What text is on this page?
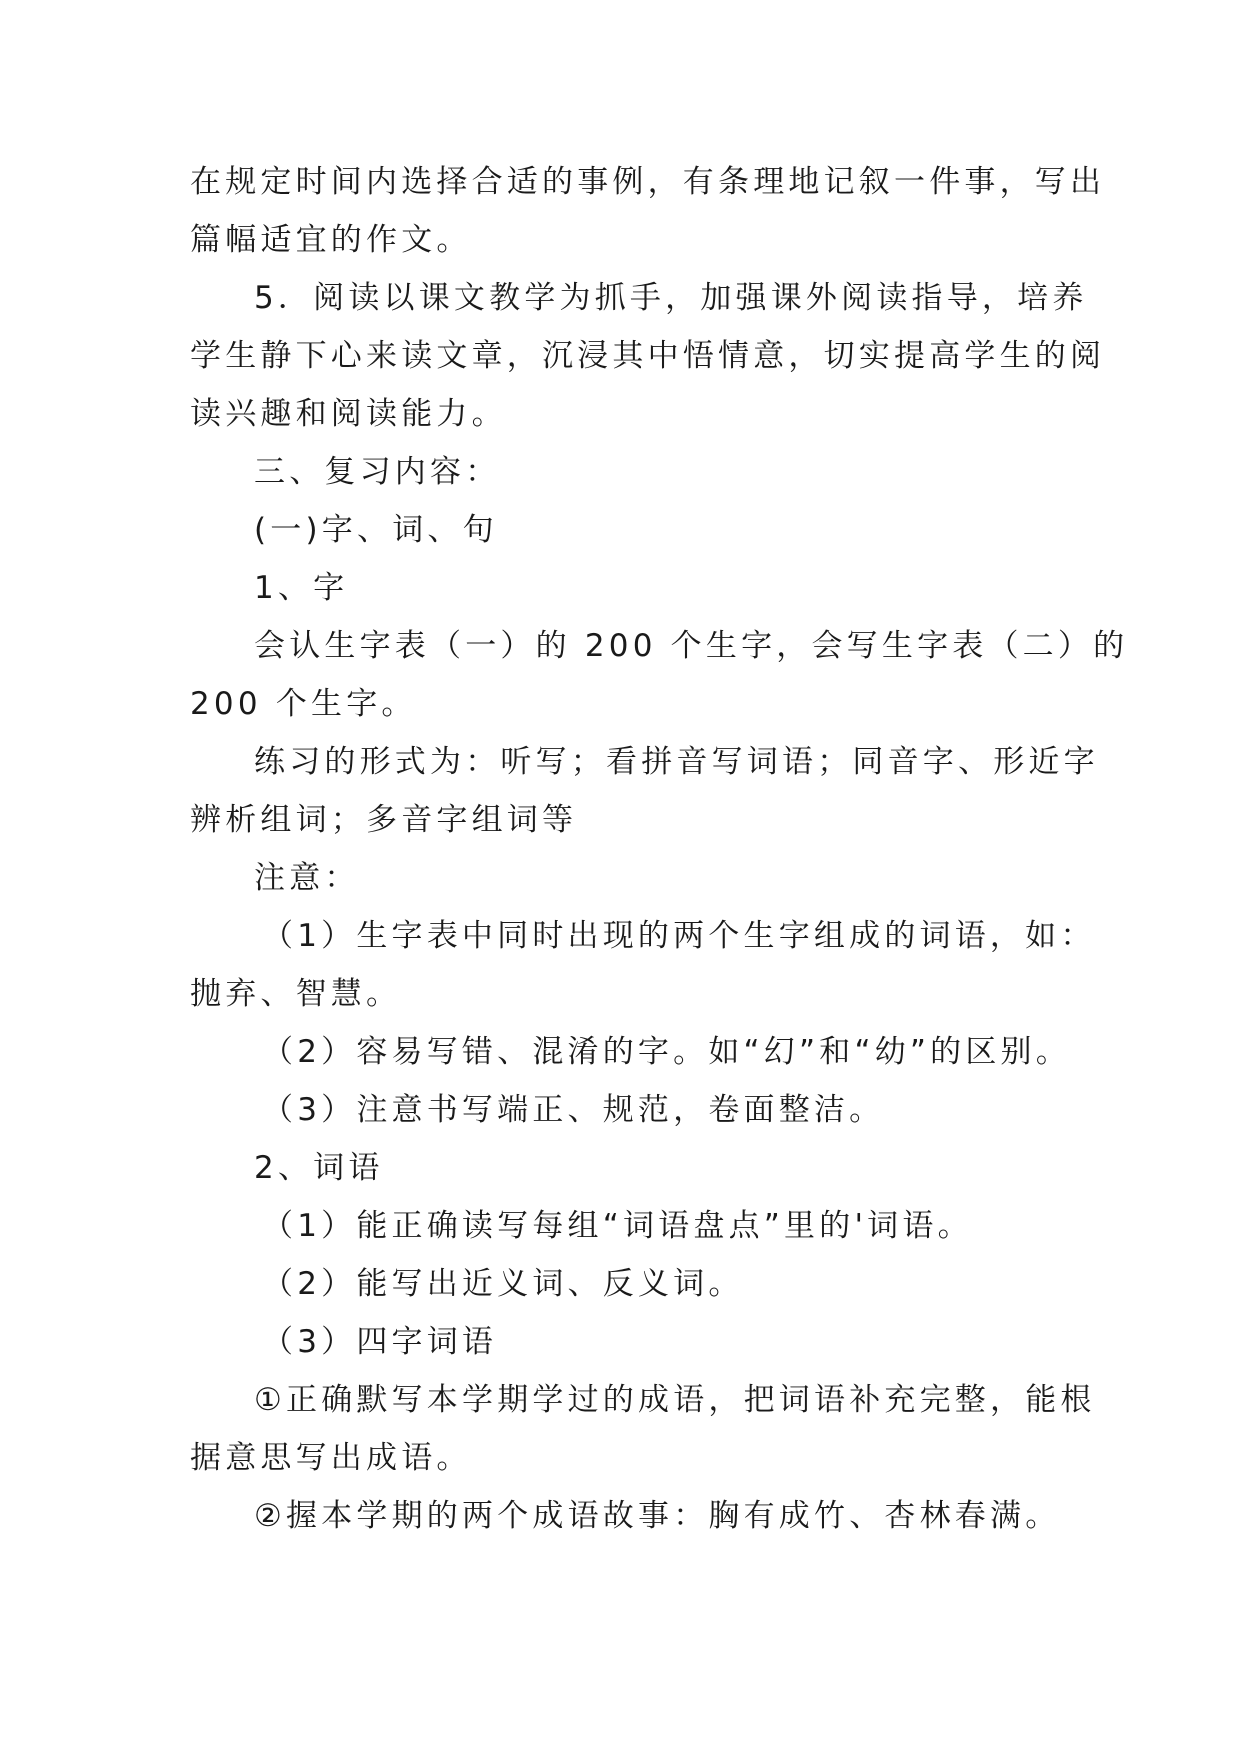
在规定时间内选择合适的事例，有条理地记叙一件事，写出
篇幅适宜的作文。
5．阅读以课文教学为抓手，加强课外阅读指导，培养
学生静下心来读文章，沉浸其中悟情意，切实提高学生的阅
读兴趣和阅读能力。
三、复习内容：
(一)字、词、句
1、字
会认生字表（一）的 200 个生字，会写生字表（二）的
200 个生字。
练习的形式为：听写；看拼音写词语；同音字、形近字
辨析组词；多音字组词等
注意：
（1）生字表中同时出现的两个生字组成的词语，如：
抛弃、智慧。
（2）容易写错、混淆的字。如“幻”和“幼”的区别。
（3）注意书写端正、规范，卷面整洁。
2、词语
（1）能正确读写每组“词语盘点”里的'词语。
（2）能写出近义词、反义词。
（3）四字词语
①正确默写本学期学过的成语，把词语补充完整，能根
据意思写出成语。
②握本学期的两个成语故事：胸有成竹、杏林春满。
